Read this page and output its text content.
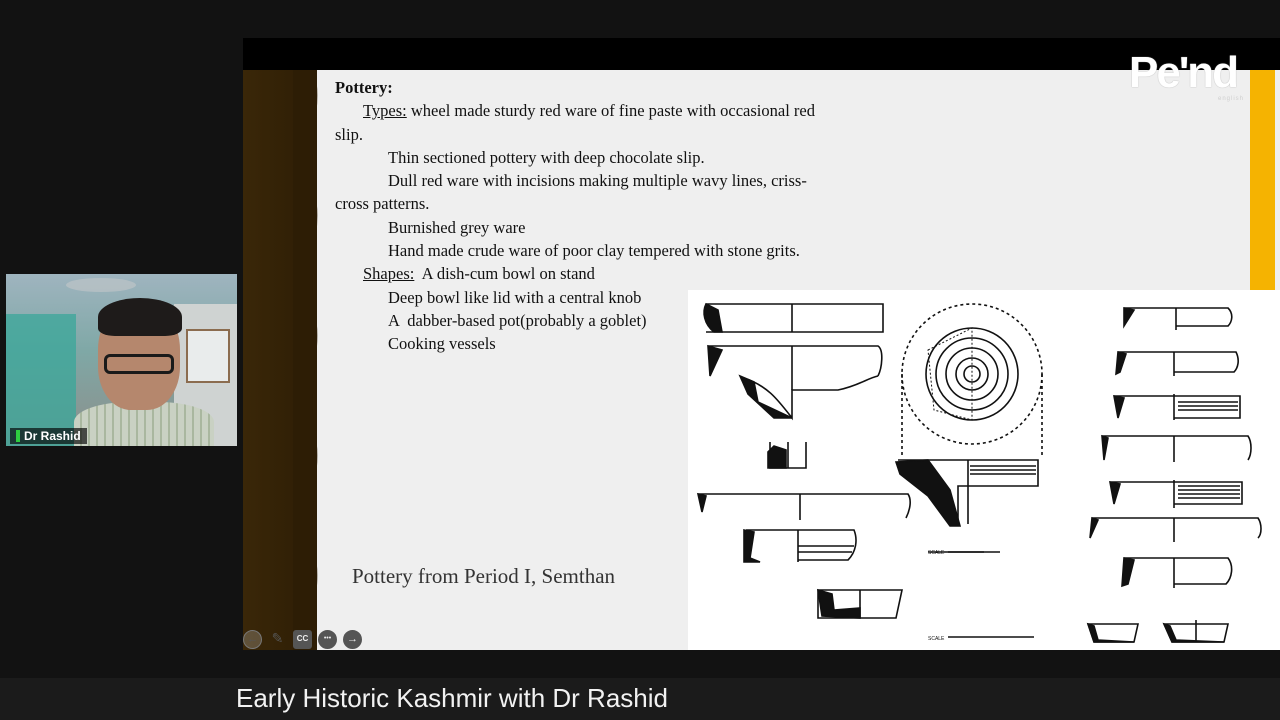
Dr Rashid
Pottery:
Types: wheel made sturdy red ware of fine paste with occasional red
slip.
Thin sectioned pottery with deep chocolate slip.
Dull red ware with incisions making multiple wavy lines, criss-
cross patterns.
Burnished grey ware
Hand made crude ware of poor clay tempered with stone grits.
Shapes:  A dish-cum bowl on stand
Deep bowl like lid with a central knob
A  dabber-based pot(probably a goblet)
Cooking vessels
Pottery from Period I, Semthan
SCALE
SCALE
Pe'nd
english
← ✎	CC	•••	→
Early Historic Kashmir with Dr Rashid
